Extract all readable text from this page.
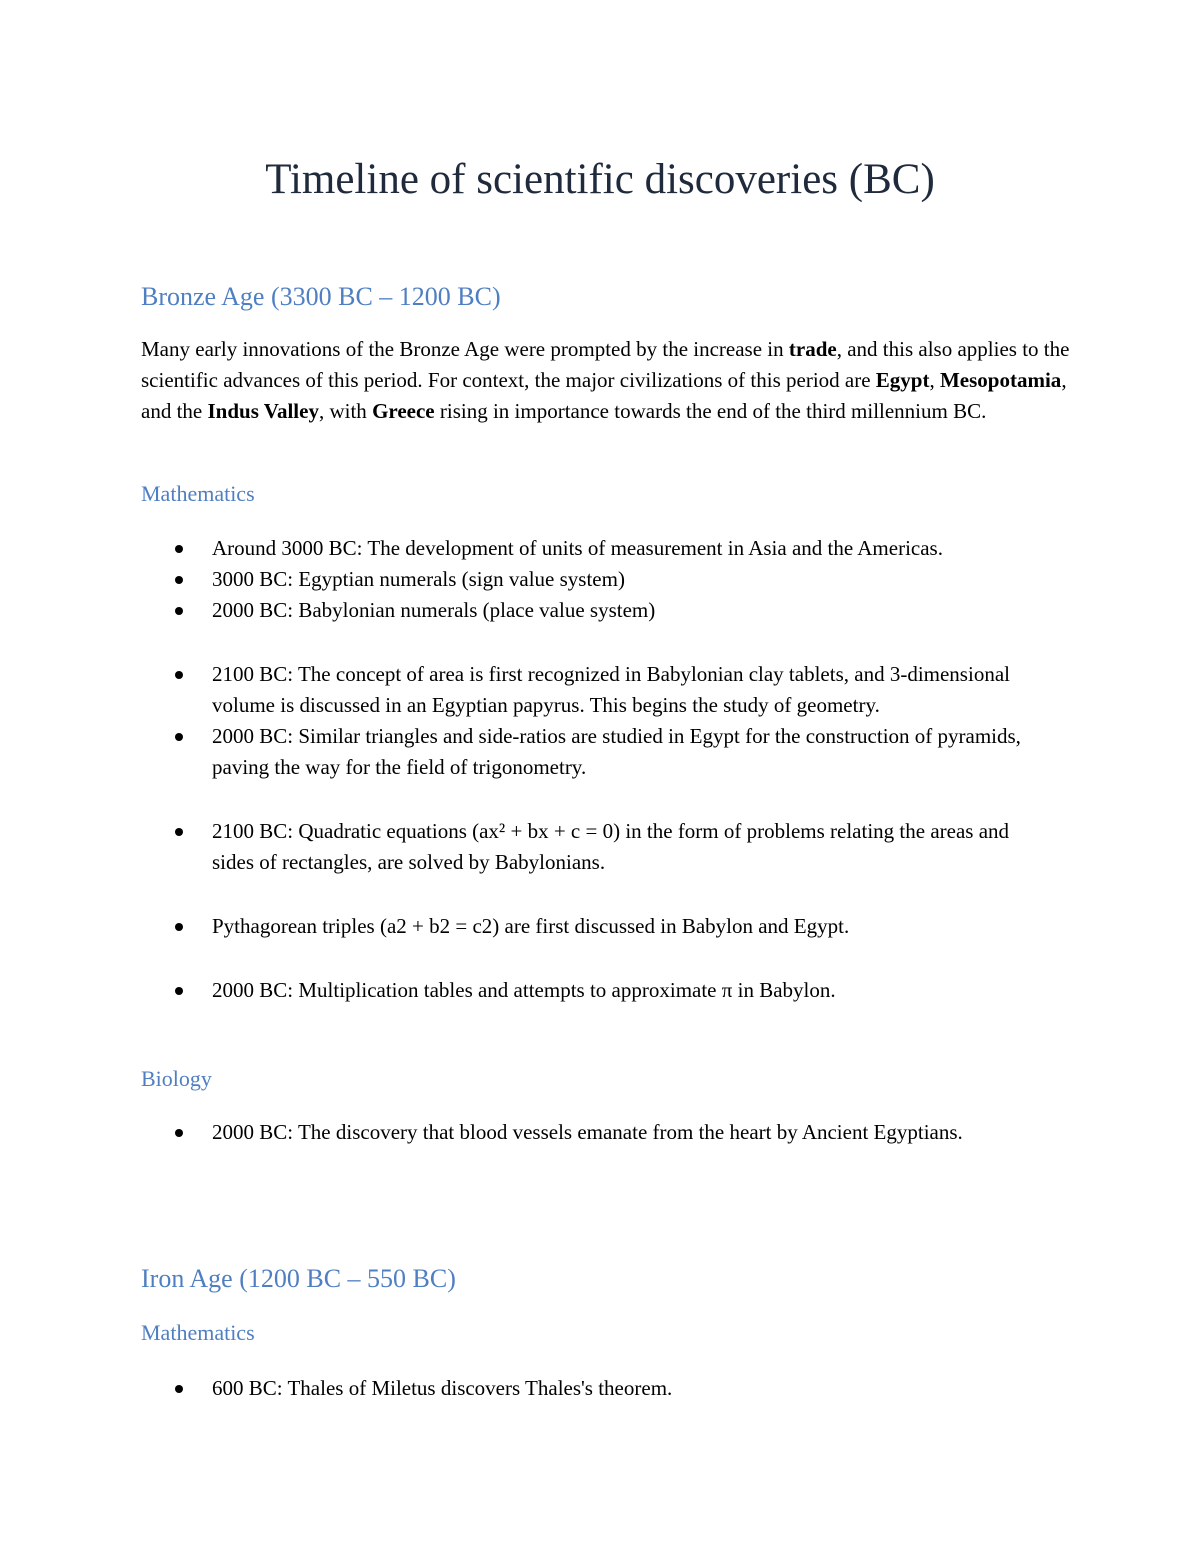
Timeline of scientific discoveries (BC)
Bronze Age (3300 BC – 1200 BC)

Many early innovations of the Bronze Age were prompted by the increase in trade, and this also applies to the scientific advances of this period. For context, the major civilizations of this period are Egypt, Mesopotamia, and the Indus Valley, with Greece rising in importance towards the end of the third millennium BC.

Mathematics
Around 3000 BC: The development of units of measurement in Asia and the Americas.
3000 BC: Egyptian numerals (sign value system)
2000 BC: Babylonian numerals (place value system)
2100 BC: The concept of area is first recognized in Babylonian clay tablets, and 3-dimensional volume is discussed in an Egyptian papyrus. This begins the study of geometry.
2000 BC: Similar triangles and side-ratios are studied in Egypt for the construction of pyramids, paving the way for the field of trigonometry.
2100 BC: Quadratic equations (ax² + bx + c = 0) in the form of problems relating the areas and sides of rectangles, are solved by Babylonians.
Pythagorean triples (a2 + b2 = c2) are first discussed in Babylon and Egypt.
2000 BC: Multiplication tables and attempts to approximate π in Babylon.
Biology
2000 BC: The discovery that blood vessels emanate from the heart by Ancient Egyptians.
Iron Age (1200 BC – 550 BC)
Mathematics
600 BC: Thales of Miletus discovers Thales's theorem.
